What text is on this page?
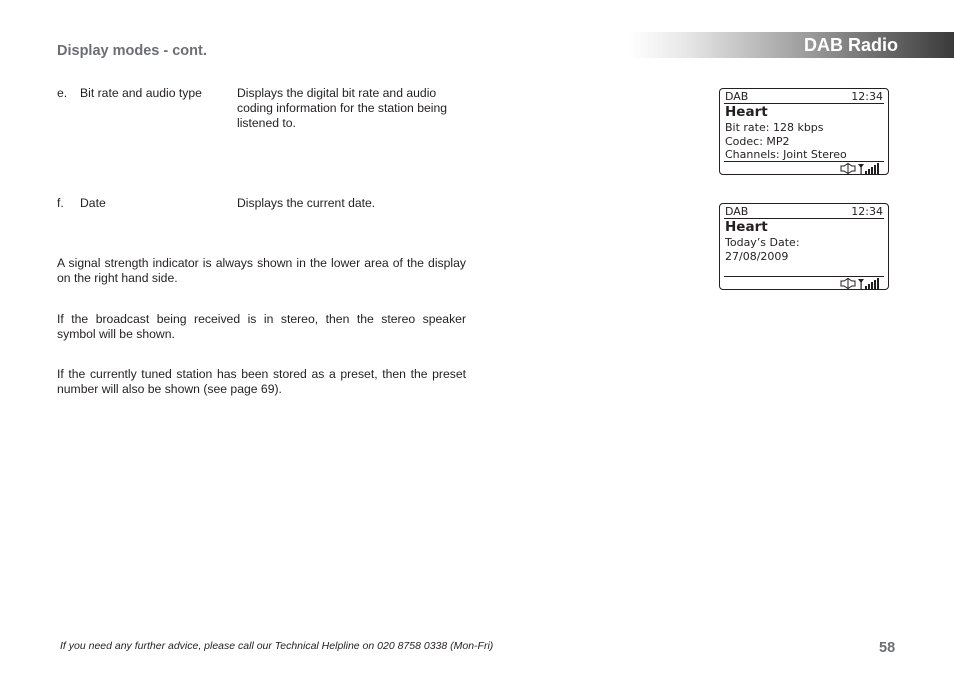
Display modes - cont.	DAB Radio
e. Bit rate and audio type	Displays the digital bit rate and audio
coding information for the station being
listened to.
f. Date	Displays the current date.
A signal strength indicator is always shown in the lower area of the display
on the right hand side.
If the broadcast being received is in stereo, then the stereo speaker
symbol will be shown.
If the currently tuned station has been stored as a preset, then the preset
number will also be shown (see page 69).
DAB	12:34
Heart
Bit rate: 128 kbps
Codec: MP2
Channels: Joint Stereo
DAB	12:34
Heart
Today’s Date:
27/08/2009
If you need any further advice, please call our Technical Helpline on 020 8758 0338 (Mon-Fri)	58
